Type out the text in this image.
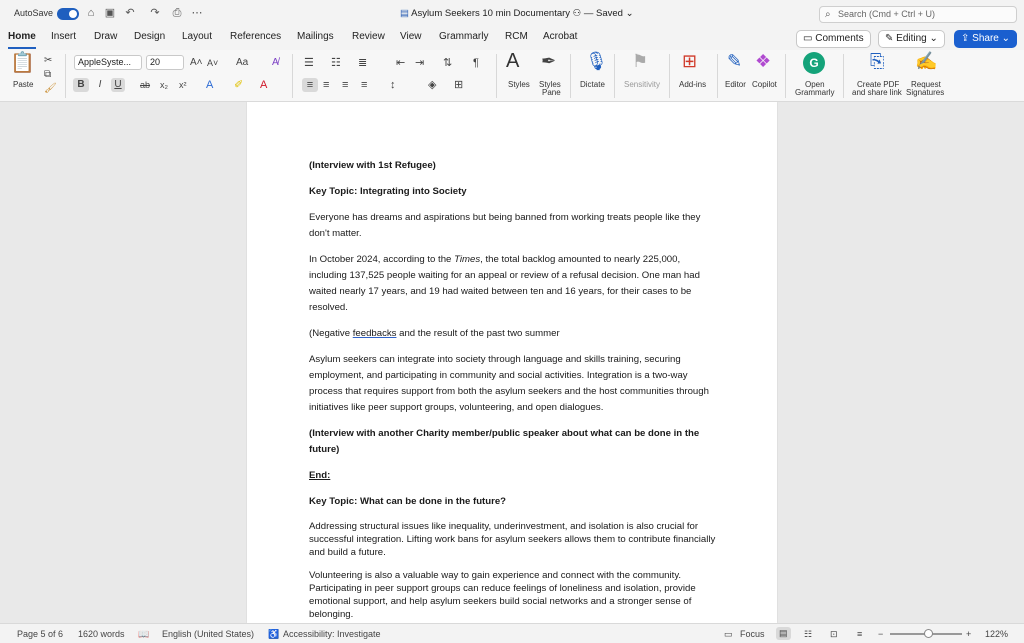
AutoSave	⌂ ▣ ↶ ↷ ⎙ ⋯	▤ Asylum Seekers 10 min Documentary ⚇ — Saved ⌄	⌕ Search (Cmd + Ctrl + U)
Home Insert Draw Design Layout References Mailings Review View Grammarly RCM Acrobat	▭ Comments	✎ Editing ⌄	⇪ Share ⌄
📋
Paste
✂
⧉
🖌
AppleSyste...	20	A˄ A˅ Aa A̸
B	I	U	ab x₂ x² A ✐ A
☰ ☷ ≣	⇤ ⇥ ⇅ ¶
≡ ≡ ≡ ≡ ↕	◈ ⊞
A
Styles
✒
Styles
Pane
🎙
Dictate
⚑
Sensitivity
⊞
Add-ins
✎
Editor
❖
Copilot
G
Open
Grammarly
⎘
Create PDF
and share link
✍
Request
Signatures

(Interview with 1st Refugee)

Key Topic: Integrating into Society

Everyone has dreams and aspirations but being banned from working treats people like they don't matter.

In October 2024, according to the Times, the total backlog amounted to nearly 225,000, including 137,525 people waiting for an appeal or review of a refusal decision. One man had waited nearly 17 years, and 19 had waited between ten and 16 years, for their cases to be resolved.

(Negative feedbacks and the result of the past two summer

Asylum seekers can integrate into society through language and skills training, securing employment, and participating in community and social activities. Integration is a two-way process that requires support from both the asylum seekers and the host communities through initiatives like peer support groups, volunteering, and open dialogues.

(Interview with another Charity member/public speaker about what can be done in the future)

End:

Key Topic: What can be done in the future?

Addressing structural issues like inequality, underinvestment, and isolation is also crucial for successful integration. Lifting work bans for asylum seekers allows them to contribute financially and build a future.

Volunteering is also a valuable way to gain experience and connect with the community. Participating in peer support groups can reduce feelings of loneliness and isolation, provide emotional support, and help asylum seekers build social networks and a stronger sense of belonging.

Page 5 of 6 1620 words 📖 English (United States) ♿ Accessibility: Investigate	▭ Focus	▤	☷ ⊡ ≡ −	+ 122%
